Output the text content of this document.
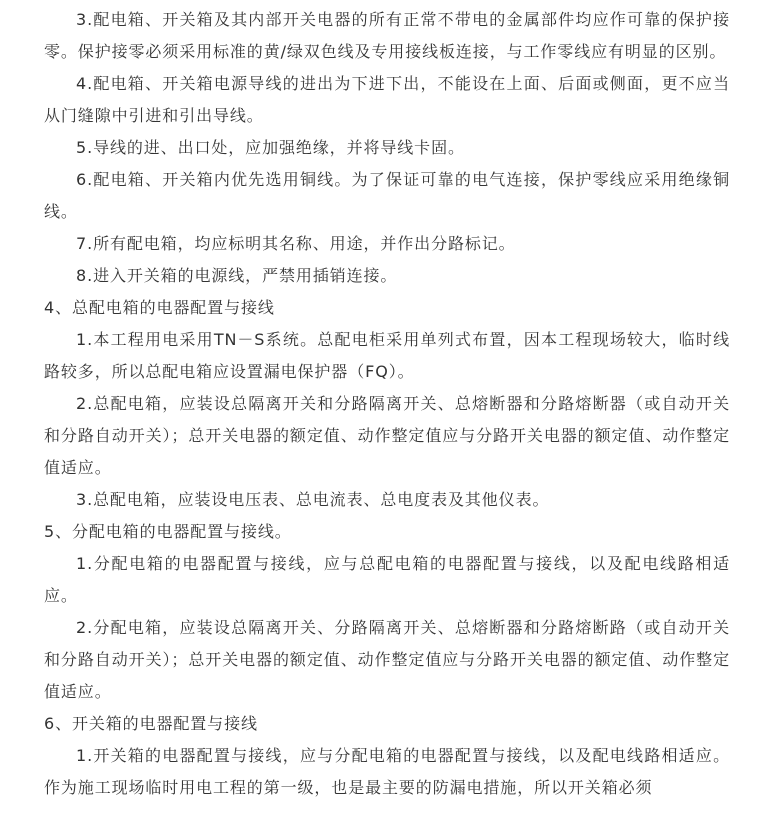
3.配电箱、开关箱及其内部开关电器的所有正常不带电的金属部件均应作可靠的保护接零。保护接零必须采用标准的黄/绿双色线及专用接线板连接，与工作零线应有明显的区别。

4.配电箱、开关箱电源导线的进出为下进下出，不能设在上面、后面或侧面，更不应当从门缝隙中引进和引出导线。

5.导线的进、出口处，应加强绝缘，并将导线卡固。

6.配电箱、开关箱内优先选用铜线。为了保证可靠的电气连接，保护零线应采用绝缘铜线。

7.所有配电箱，均应标明其名称、用途，并作出分路标记。

8.进入开关箱的电源线，严禁用插销连接。

4、总配电箱的电器配置与接线

1.本工程用电采用TN－S系统。总配电柜采用单列式布置，因本工程现场较大，临时线路较多，所以总配电箱应设置漏电保护器（FQ）。

2.总配电箱，应装设总隔离开关和分路隔离开关、总熔断器和分路熔断器（或自动开关和分路自动开关）；总开关电器的额定值、动作整定值应与分路开关电器的额定值、动作整定值适应。

3.总配电箱，应装设电压表、总电流表、总电度表及其他仪表。

5、分配电箱的电器配置与接线。

1.分配电箱的电器配置与接线，应与总配电箱的电器配置与接线，以及配电线路相适应。

2.分配电箱，应装设总隔离开关、分路隔离开关、总熔断器和分路熔断路（或自动开关和分路自动开关）；总开关电器的额定值、动作整定值应与分路开关电器的额定值、动作整定值适应。

6、开关箱的电器配置与接线

1.开关箱的电器配置与接线，应与分配电箱的电器配置与接线，以及配电线路相适应。作为施工现场临时用电工程的第一级，也是最主要的防漏电措施，所以开关箱必须
